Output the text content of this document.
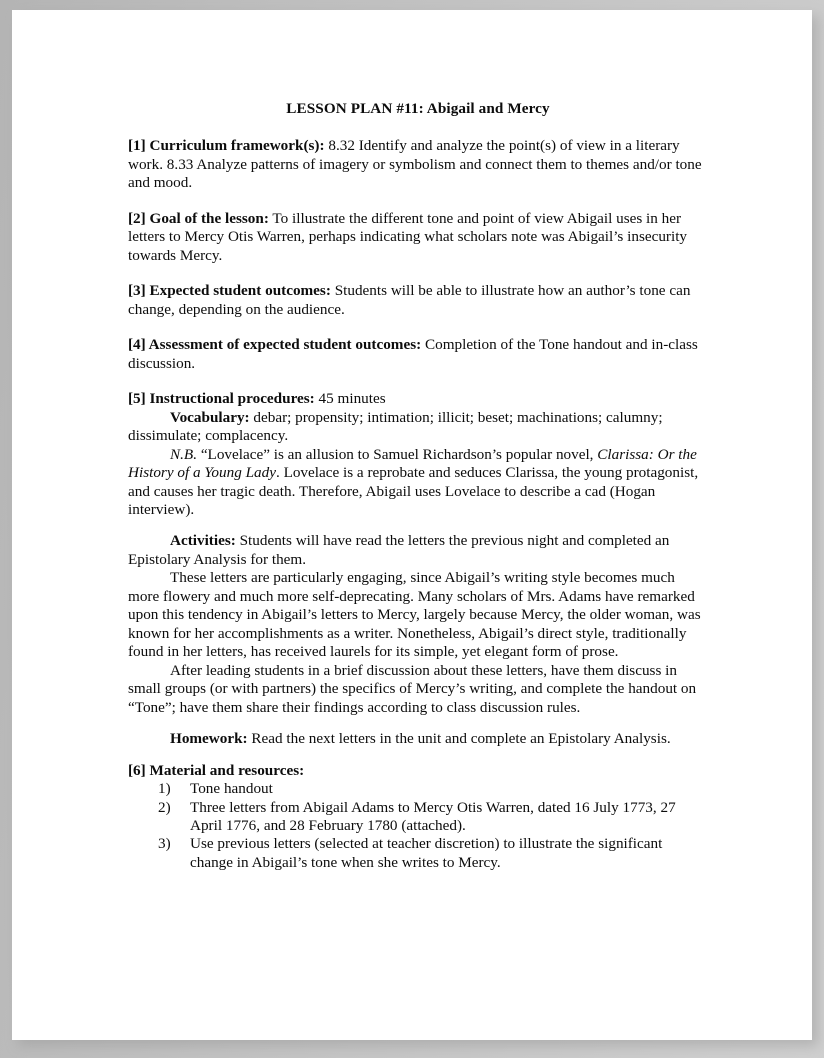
LESSON PLAN #11: Abigail and Mercy

[1] Curriculum framework(s): 8.32 Identify and analyze the point(s) of view in a literary work. 8.33 Analyze patterns of imagery or symbolism and connect them to themes and/or tone and mood.

[2] Goal of the lesson: To illustrate the different tone and point of view Abigail uses in her letters to Mercy Otis Warren, perhaps indicating what scholars note was Abigail’s insecurity towards Mercy.

[3] Expected student outcomes: Students will be able to illustrate how an author’s tone can change, depending on the audience.

[4] Assessment of expected student outcomes: Completion of the Tone handout and in-class discussion.

[5] Instructional procedures: 45 minutes

Vocabulary: debar; propensity; intimation; illicit; beset; machinations; calumny; dissimulate; complacency.

N.B. “Lovelace” is an allusion to Samuel Richardson’s popular novel, Clarissa: Or the History of a Young Lady. Lovelace is a reprobate and seduces Clarissa, the young protagonist, and causes her tragic death. Therefore, Abigail uses Lovelace to describe a cad (Hogan interview).

Activities: Students will have read the letters the previous night and completed an Epistolary Analysis for them.

These letters are particularly engaging, since Abigail’s writing style becomes much more flowery and much more self-deprecating. Many scholars of Mrs. Adams have remarked upon this tendency in Abigail’s letters to Mercy, largely because Mercy, the older woman, was known for her accomplishments as a writer. Nonetheless, Abigail’s direct style, traditionally found in her letters, has received laurels for its simple, yet elegant form of prose.

After leading students in a brief discussion about these letters, have them discuss in small groups (or with partners) the specifics of Mercy’s writing, and complete the handout on “Tone”; have them share their findings according to class discussion rules.

Homework: Read the next letters in the unit and complete an Epistolary Analysis.

[6] Material and resources:

1)	Tone handout
2)	Three letters from Abigail Adams to Mercy Otis Warren, dated 16 July 1773, 27 April 1776, and 28 February 1780 (attached).
3)	Use previous letters (selected at teacher discretion) to illustrate the significant change in Abigail’s tone when she writes to Mercy.
